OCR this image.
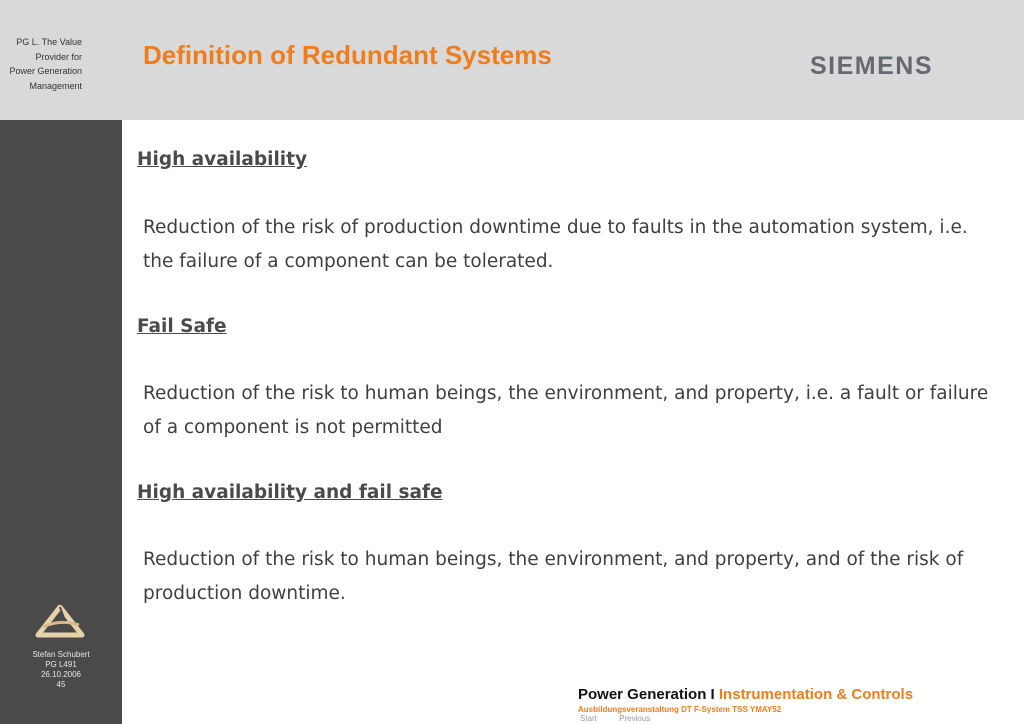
PG L. The Value
Provider for
Power Generation
Management
Definition of Redundant Systems	SIEMENS
Stefan Schubert
PG L491
26.10.2006
45
High availability

Reduction of the risk of production downtime due to faults in the automation system, i.e. the failure of a component can be tolerated.

Fail Safe

Reduction of the risk to human beings, the environment, and property, i.e. a fault or failure of a component is not permitted

High availability and fail safe

Reduction of the risk to human beings, the environment, and property, and of the risk of production downtime.

Power Generation I Instrumentation & Controls
Ausbildungsveranstaltung DT F-System TSS YMAY52
Start	Previous
